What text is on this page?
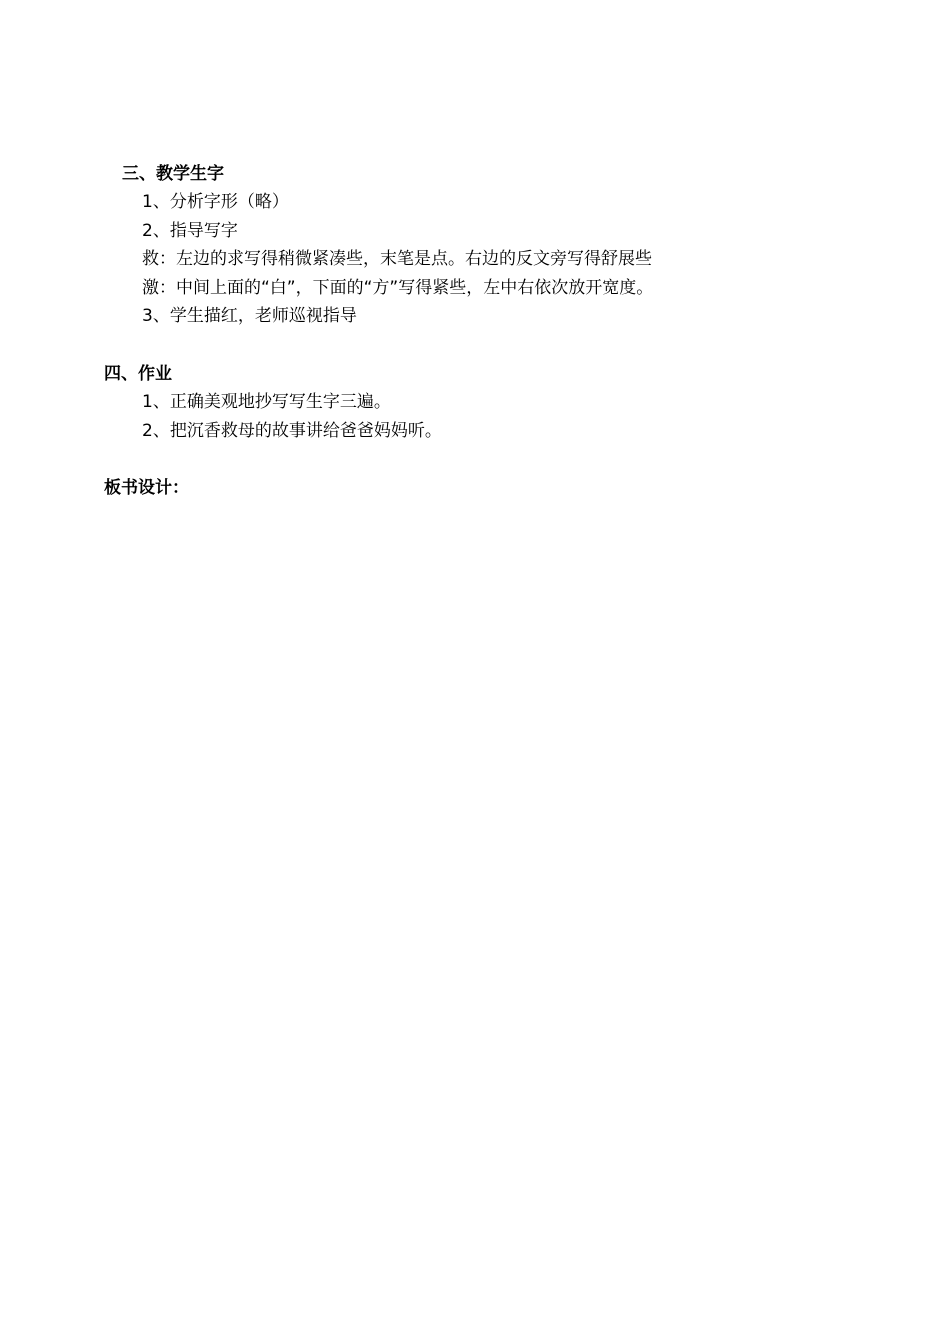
三、教学生字
1、分析字形（略）
2、指导写字
救：左边的求写得稍微紧凑些，末笔是点。右边的反文旁写得舒展些
激：中间上面的“白”，下面的“方”写得紧些，左中右依次放开宽度。
3、学生描红，老师巡视指导
四、作业
1、正确美观地抄写写生字三遍。
2、把沉香救母的故事讲给爸爸妈妈听。
板书设计：
